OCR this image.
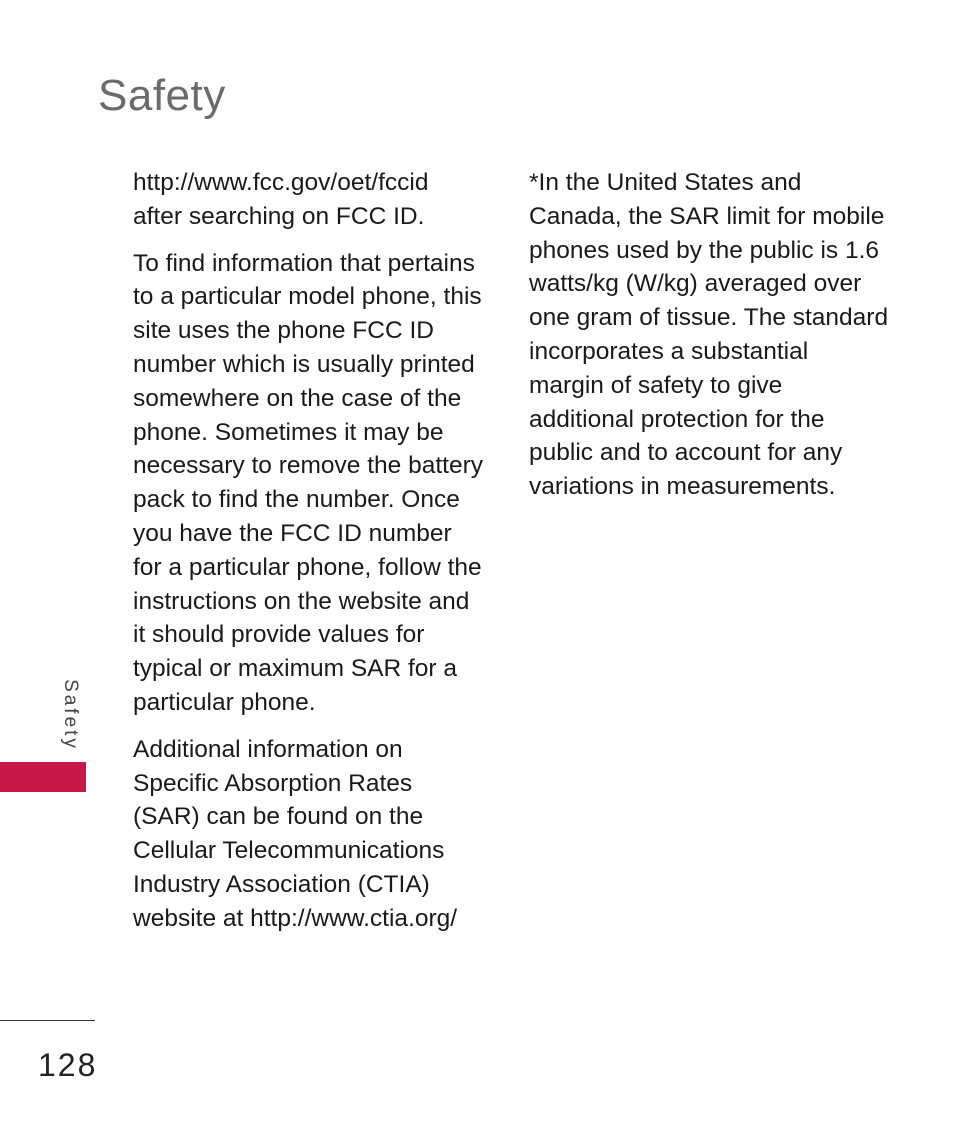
Safety

http://www.fcc.gov/oet/fccid after searching on FCC ID.

To find information that pertains to a particular model phone, this site uses the phone FCC ID number which is usually printed somewhere on the case of the phone. Sometimes it may be necessary to remove the battery pack to find the number. Once you have the FCC ID number for a particular phone, follow the instructions on the website and it should provide values for typical or maximum SAR for a particular phone.

Additional information on Specific Absorption Rates (SAR) can be found on the Cellular Telecommunications Industry Association (CTIA) website at http://www.ctia.org/

*In the United States and Canada, the SAR limit for mobile phones used by the public is 1.6 watts/kg (W/kg) averaged over one gram of tissue. The standard incorporates a substantial margin of safety to give additional protection for the public and to account for any variations in measurements.

Safety
128
